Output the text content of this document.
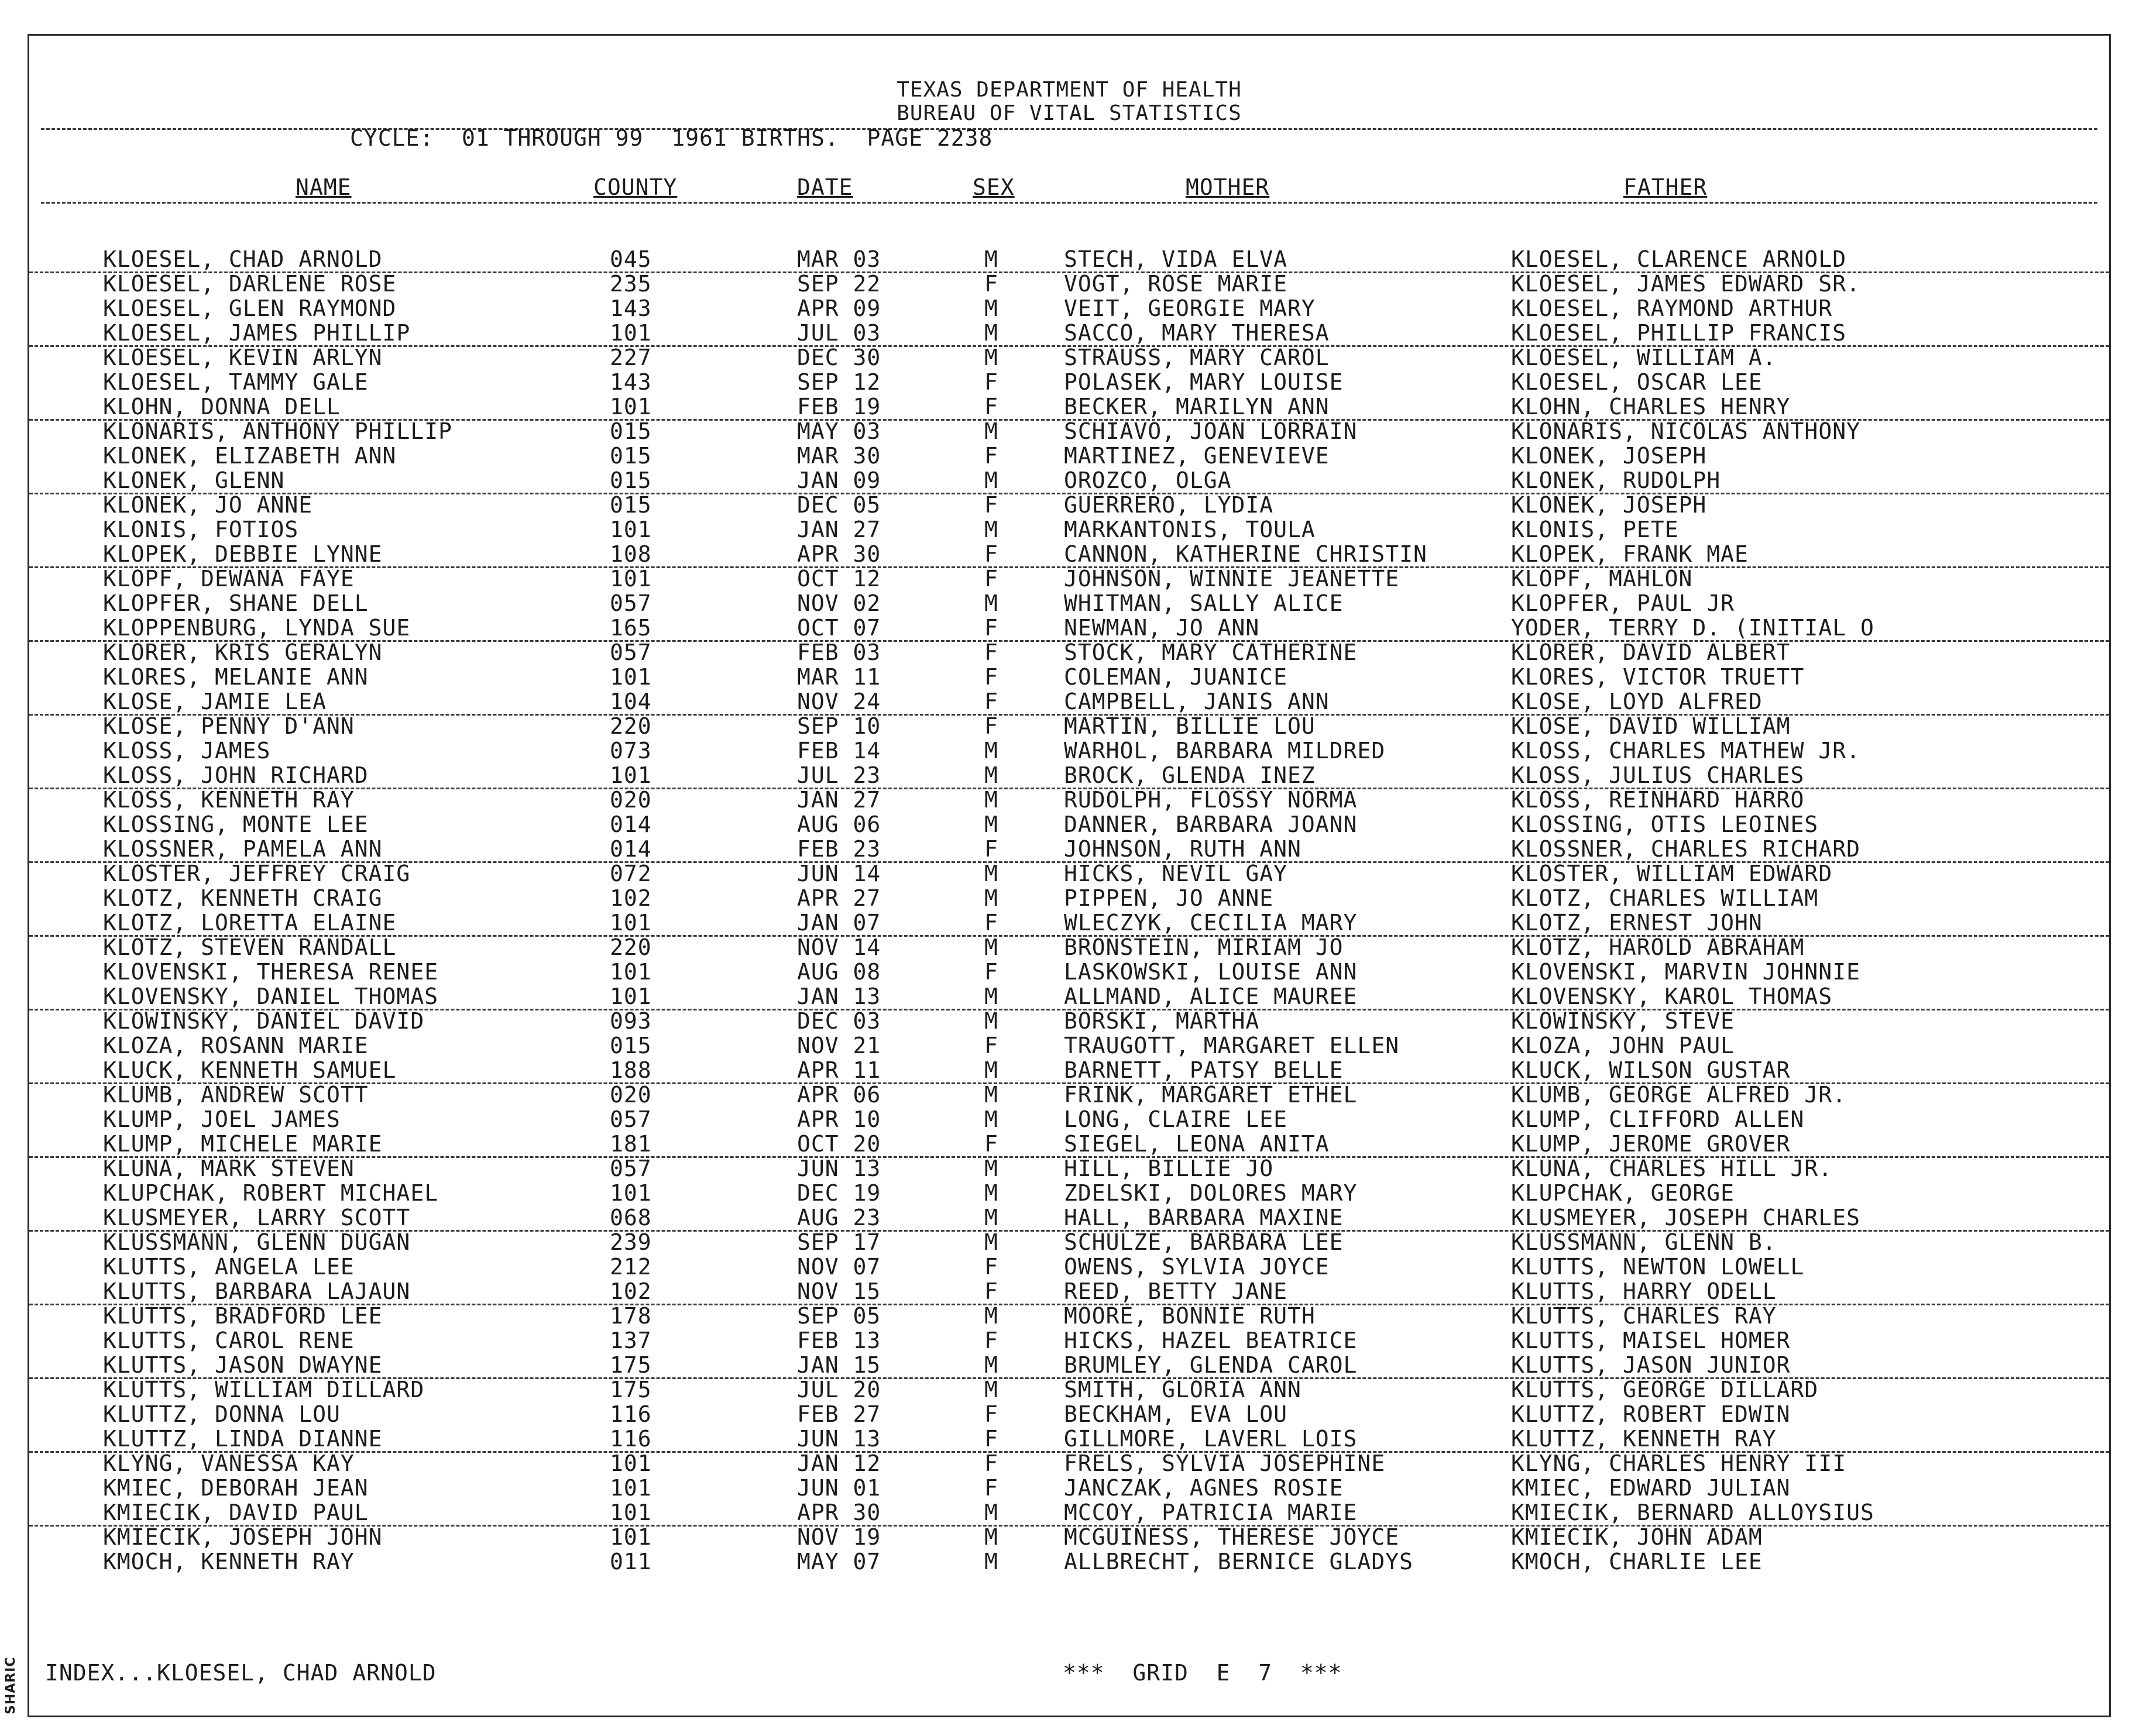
TEXAS DEPARTMENT OF HEALTH
BUREAU OF VITAL STATISTICS
CYCLE:  01 THROUGH 99  1961 BIRTHS.  PAGE 2238
NAME	COUNTY	DATE	SEX	MOTHER	FATHER
KLOESEL, CHAD ARNOLD	045	MAR 03	M	STECH, VIDA ELVA	KLOESEL, CLARENCE ARNOLD
KLOESEL, DARLENE ROSE	235	SEP 22	F	VOGT, ROSE MARIE	KLOESEL, JAMES EDWARD SR.
KLOESEL, GLEN RAYMOND	143	APR 09	M	VEIT, GEORGIE MARY	KLOESEL, RAYMOND ARTHUR
KLOESEL, JAMES PHILLIP	101	JUL 03	M	SACCO, MARY THERESA	KLOESEL, PHILLIP FRANCIS
KLOESEL, KEVIN ARLYN	227	DEC 30	M	STRAUSS, MARY CAROL	KLOESEL, WILLIAM A.
KLOESEL, TAMMY GALE	143	SEP 12	F	POLASEK, MARY LOUISE	KLOESEL, OSCAR LEE
KLOHN, DONNA DELL	101	FEB 19	F	BECKER, MARILYN ANN	KLOHN, CHARLES HENRY
KLONARIS, ANTHONY PHILLIP	015	MAY 03	M	SCHIAVO, JOAN LORRAIN	KLONARIS, NICOLAS ANTHONY
KLONEK, ELIZABETH ANN	015	MAR 30	F	MARTINEZ, GENEVIEVE	KLONEK, JOSEPH
KLONEK, GLENN	015	JAN 09	M	OROZCO, OLGA	KLONEK, RUDOLPH
KLONEK, JO ANNE	015	DEC 05	F	GUERRERO, LYDIA	KLONEK, JOSEPH
KLONIS, FOTIOS	101	JAN 27	M	MARKANTONIS, TOULA	KLONIS, PETE
KLOPEK, DEBBIE LYNNE	108	APR 30	F	CANNON, KATHERINE CHRISTIN	KLOPEK, FRANK MAE
KLOPF, DEWANA FAYE	101	OCT 12	F	JOHNSON, WINNIE JEANETTE	KLOPF, MAHLON
KLOPFER, SHANE DELL	057	NOV 02	M	WHITMAN, SALLY ALICE	KLOPFER, PAUL JR
KLOPPENBURG, LYNDA SUE	165	OCT 07	F	NEWMAN, JO ANN	YODER, TERRY D. (INITIAL O
KLORER, KRIS GERALYN	057	FEB 03	F	STOCK, MARY CATHERINE	KLORER, DAVID ALBERT
KLORES, MELANIE ANN	101	MAR 11	F	COLEMAN, JUANICE	KLORES, VICTOR TRUETT
KLOSE, JAMIE LEA	104	NOV 24	F	CAMPBELL, JANIS ANN	KLOSE, LOYD ALFRED
KLOSE, PENNY D'ANN	220	SEP 10	F	MARTIN, BILLIE LOU	KLOSE, DAVID WILLIAM
KLOSS, JAMES	073	FEB 14	M	WARHOL, BARBARA MILDRED	KLOSS, CHARLES MATHEW JR.
KLOSS, JOHN RICHARD	101	JUL 23	M	BROCK, GLENDA INEZ	KLOSS, JULIUS CHARLES
KLOSS, KENNETH RAY	020	JAN 27	M	RUDOLPH, FLOSSY NORMA	KLOSS, REINHARD HARRO
KLOSSING, MONTE LEE	014	AUG 06	M	DANNER, BARBARA JOANN	KLOSSING, OTIS LEOINES
KLOSSNER, PAMELA ANN	014	FEB 23	F	JOHNSON, RUTH ANN	KLOSSNER, CHARLES RICHARD
KLOSTER, JEFFREY CRAIG	072	JUN 14	M	HICKS, NEVIL GAY	KLOSTER, WILLIAM EDWARD
KLOTZ, KENNETH CRAIG	102	APR 27	M	PIPPEN, JO ANNE	KLOTZ, CHARLES WILLIAM
KLOTZ, LORETTA ELAINE	101	JAN 07	F	WLECZYK, CECILIA MARY	KLOTZ, ERNEST JOHN
KLOTZ, STEVEN RANDALL	220	NOV 14	M	BRONSTEIN, MIRIAM JO	KLOTZ, HAROLD ABRAHAM
KLOVENSKI, THERESA RENEE	101	AUG 08	F	LASKOWSKI, LOUISE ANN	KLOVENSKI, MARVIN JOHNNIE
KLOVENSKY, DANIEL THOMAS	101	JAN 13	M	ALLMAND, ALICE MAUREE	KLOVENSKY, KAROL THOMAS
KLOWINSKY, DANIEL DAVID	093	DEC 03	M	BORSKI, MARTHA	KLOWINSKY, STEVE
KLOZA, ROSANN MARIE	015	NOV 21	F	TRAUGOTT, MARGARET ELLEN	KLOZA, JOHN PAUL
KLUCK, KENNETH SAMUEL	188	APR 11	M	BARNETT, PATSY BELLE	KLUCK, WILSON GUSTAR
KLUMB, ANDREW SCOTT	020	APR 06	M	FRINK, MARGARET ETHEL	KLUMB, GEORGE ALFRED JR.
KLUMP, JOEL JAMES	057	APR 10	M	LONG, CLAIRE LEE	KLUMP, CLIFFORD ALLEN
KLUMP, MICHELE MARIE	181	OCT 20	F	SIEGEL, LEONA ANITA	KLUMP, JEROME GROVER
KLUNA, MARK STEVEN	057	JUN 13	M	HILL, BILLIE JO	KLUNA, CHARLES HILL JR.
KLUPCHAK, ROBERT MICHAEL	101	DEC 19	M	ZDELSKI, DOLORES MARY	KLUPCHAK, GEORGE
KLUSMEYER, LARRY SCOTT	068	AUG 23	M	HALL, BARBARA MAXINE	KLUSMEYER, JOSEPH CHARLES
KLUSSMANN, GLENN DUGAN	239	SEP 17	M	SCHULZE, BARBARA LEE	KLUSSMANN, GLENN B.
KLUTTS, ANGELA LEE	212	NOV 07	F	OWENS, SYLVIA JOYCE	KLUTTS, NEWTON LOWELL
KLUTTS, BARBARA LAJAUN	102	NOV 15	F	REED, BETTY JANE	KLUTTS, HARRY ODELL
KLUTTS, BRADFORD LEE	178	SEP 05	M	MOORE, BONNIE RUTH	KLUTTS, CHARLES RAY
KLUTTS, CAROL RENE	137	FEB 13	F	HICKS, HAZEL BEATRICE	KLUTTS, MAISEL HOMER
KLUTTS, JASON DWAYNE	175	JAN 15	M	BRUMLEY, GLENDA CAROL	KLUTTS, JASON JUNIOR
KLUTTS, WILLIAM DILLARD	175	JUL 20	M	SMITH, GLORIA ANN	KLUTTS, GEORGE DILLARD
KLUTTZ, DONNA LOU	116	FEB 27	F	BECKHAM, EVA LOU	KLUTTZ, ROBERT EDWIN
KLUTTZ, LINDA DIANNE	116	JUN 13	F	GILLMORE, LAVERL LOIS	KLUTTZ, KENNETH RAY
KLYNG, VANESSA KAY	101	JAN 12	F	FRELS, SYLVIA JOSEPHINE	KLYNG, CHARLES HENRY III
KMIEC, DEBORAH JEAN	101	JUN 01	F	JANCZAK, AGNES ROSIE	KMIEC, EDWARD JULIAN
KMIECIK, DAVID PAUL	101	APR 30	M	MCCOY, PATRICIA MARIE	KMIECIK, BERNARD ALLOYSIUS
KMIECIK, JOSEPH JOHN	101	NOV 19	M	MCGUINESS, THERESE JOYCE	KMIECIK, JOHN ADAM
KMOCH, KENNETH RAY	011	MAY 07	M	ALLBRECHT, BERNICE GLADYS	KMOCH, CHARLIE LEE
INDEX...KLOESEL, CHAD ARNOLD	***  GRID  E  7  ***
SHARIC
